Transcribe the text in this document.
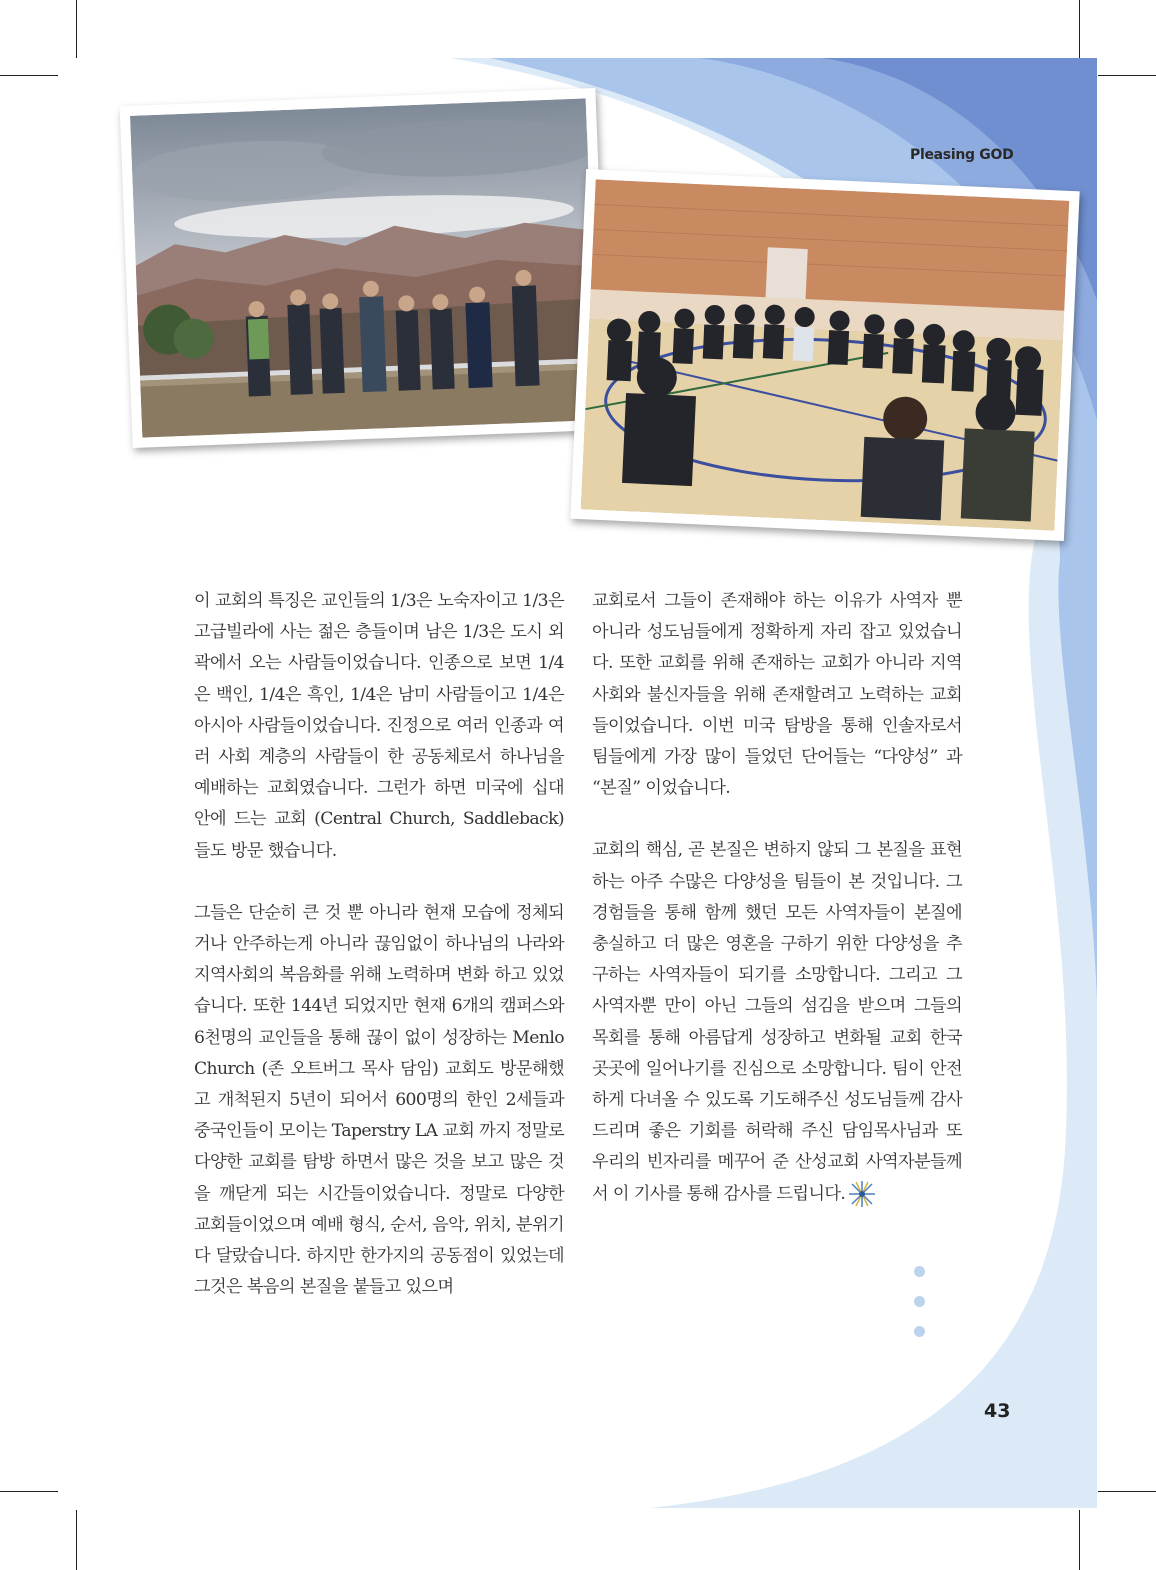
Pleasing GOD

이 교회의 특징은 교인들의 1/3은 노숙자이고 1/3은 고급빌라에 사는 젊은 층들이며 남은 1/3은 도시 외곽에서 오는 사람들이었습니다. 인종으로 보면 1/4은 백인, 1/4은 흑인, 1/4은 남미 사람들이고 1/4은 아시아 사람들이었습니다. 진정으로 여러 인종과 여러 사회 계층의 사람들이 한 공동체로서 하나님을 예배하는 교회였습니다. 그런가 하면 미국에 십대 안에 드는 교회 (Central Church, Saddleback) 들도 방문 했습니다.

그들은 단순히 큰 것 뿐 아니라 현재 모습에 정체되거나 안주하는게 아니라 끊임없이 하나님의 나라와 지역사회의 복음화를 위해 노력하며 변화 하고 있었습니다. 또한 144년 되었지만 현재 6개의 캠퍼스와 6천명의 교인들을 통해 끊이 없이 성장하는 Menlo Church (존 오트버그 목사 담임) 교회도 방문해했고 개척된지 5년이 되어서 600명의 한인 2세들과 중국인들이 모이는 Taperstry LA 교회 까지 정말로 다양한 교회를 탐방 하면서 많은 것을 보고 많은 것을 깨닫게 되는 시간들이었습니다. 정말로 다양한 교회들이었으며 예배 형식, 순서, 음악, 위치, 분위기 다 달랐습니다. 하지만 한가지의 공동점이 있었는데 그것은 복음의 본질을 붙들고 있으며

교회로서 그들이 존재해야 하는 이유가 사역자 뿐 아니라 성도님들에게 정확하게 자리 잡고 있었습니다. 또한 교회를 위해 존재하는 교회가 아니라 지역사회와 불신자들을 위해 존재할려고 노력하는 교회들이었습니다. 이번 미국 탐방을 통해 인솔자로서 팀들에게 가장 많이 들었던 단어들는 “다양성” 과 “본질” 이었습니다.

교회의 핵심, 곧 본질은 변하지 않되 그 본질을 표현하는 아주 수많은 다양성을 팀들이 본 것입니다. 그 경험들을 통해 함께 했던 모든 사역자들이 본질에 충실하고 더 많은 영혼을 구하기 위한 다양성을 추구하는 사역자들이 되기를 소망합니다. 그리고 그 사역자뿐 만이 아닌 그들의 섬김을 받으며 그들의 목회를 통해 아름답게 성장하고 변화될 교회 한국 곳곳에 일어나기를 진심으로 소망합니다. 팀이 안전하게 다녀올 수 있도록 기도해주신 성도님들께 감사드리며 좋은 기회를 허락해 주신 담임목사님과 또 우리의 빈자리를 메꾸어 준 산성교회 사역자분들께서 이 기사를 통해 감사를 드립니다.

43
